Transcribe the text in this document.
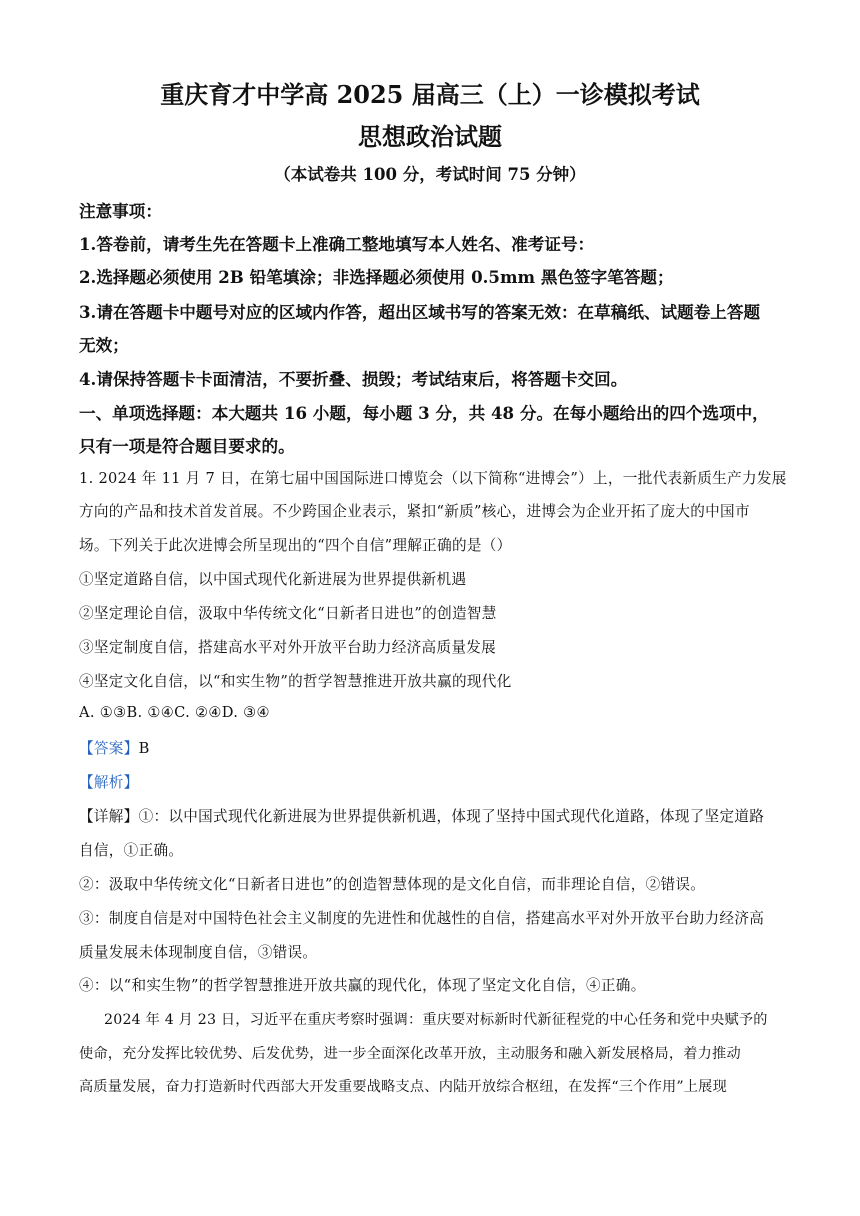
重庆育才中学高 2025 届高三（上）一诊模拟考试
思想政治试题
（本试卷共 100 分，考试时间 75 分钟）
注意事项：
1.答卷前，请考生先在答题卡上准确工整地填写本人姓名、准考证号：
2.选择题必须使用 2B 铅笔填涂；非选择题必须使用 0.5mm 黑色签字笔答题；
3.请在答题卡中题号对应的区域内作答，超出区域书写的答案无效：在草稿纸、试题卷上答题
无效；
4.请保持答题卡卡面清洁，不要折叠、损毁；考试结束后，将答题卡交回。
一、单项选择题：本大题共 16 小题，每小题 3 分，共 48 分。在每小题给出的四个选项中，
只有一项是符合题目要求的。
1. 2024 年 11 月 7 日，在第七届中国国际进口博览会（以下简称“进博会”）上，一批代表新质生产力发展
方向的产品和技术首发首展。不少跨国企业表示，紧扣“新质”核心，进博会为企业开拓了庞大的中国市
场。下列关于此次进博会所呈现出的“四个自信”理解正确的是（）
①坚定道路自信，以中国式现代化新进展为世界提供新机遇
②坚定理论自信，汲取中华传统文化“日新者日进也”的创造智慧
③坚定制度自信，搭建高水平对外开放平台助力经济高质量发展
④坚定文化自信，以“和实生物”的哲学智慧推进开放共赢的现代化
A. ①③B. ①④C. ②④D. ③④
【答案】B
【解析】
【详解】①：以中国式现代化新进展为世界提供新机遇，体现了坚持中国式现代化道路，体现了坚定道路
自信，①正确。
②：汲取中华传统文化“日新者日进也”的创造智慧体现的是文化自信，而非理论自信，②错误。
③：制度自信是对中国特色社会主义制度的先进性和优越性的自信，搭建高水平对外开放平台助力经济高
质量发展未体现制度自信，③错误。
④：以“和实生物”的哲学智慧推进开放共赢的现代化，体现了坚定文化自信，④正确。
2024 年 4 月 23 日，习近平在重庆考察时强调：重庆要对标新时代新征程党的中心任务和党中央赋予的
使命，充分发挥比较优势、后发优势，进一步全面深化改革开放，主动服务和融入新发展格局，着力推动
高质量发展，奋力打造新时代西部大开发重要战略支点、内陆开放综合枢纽，在发挥“三个作用”上展现
